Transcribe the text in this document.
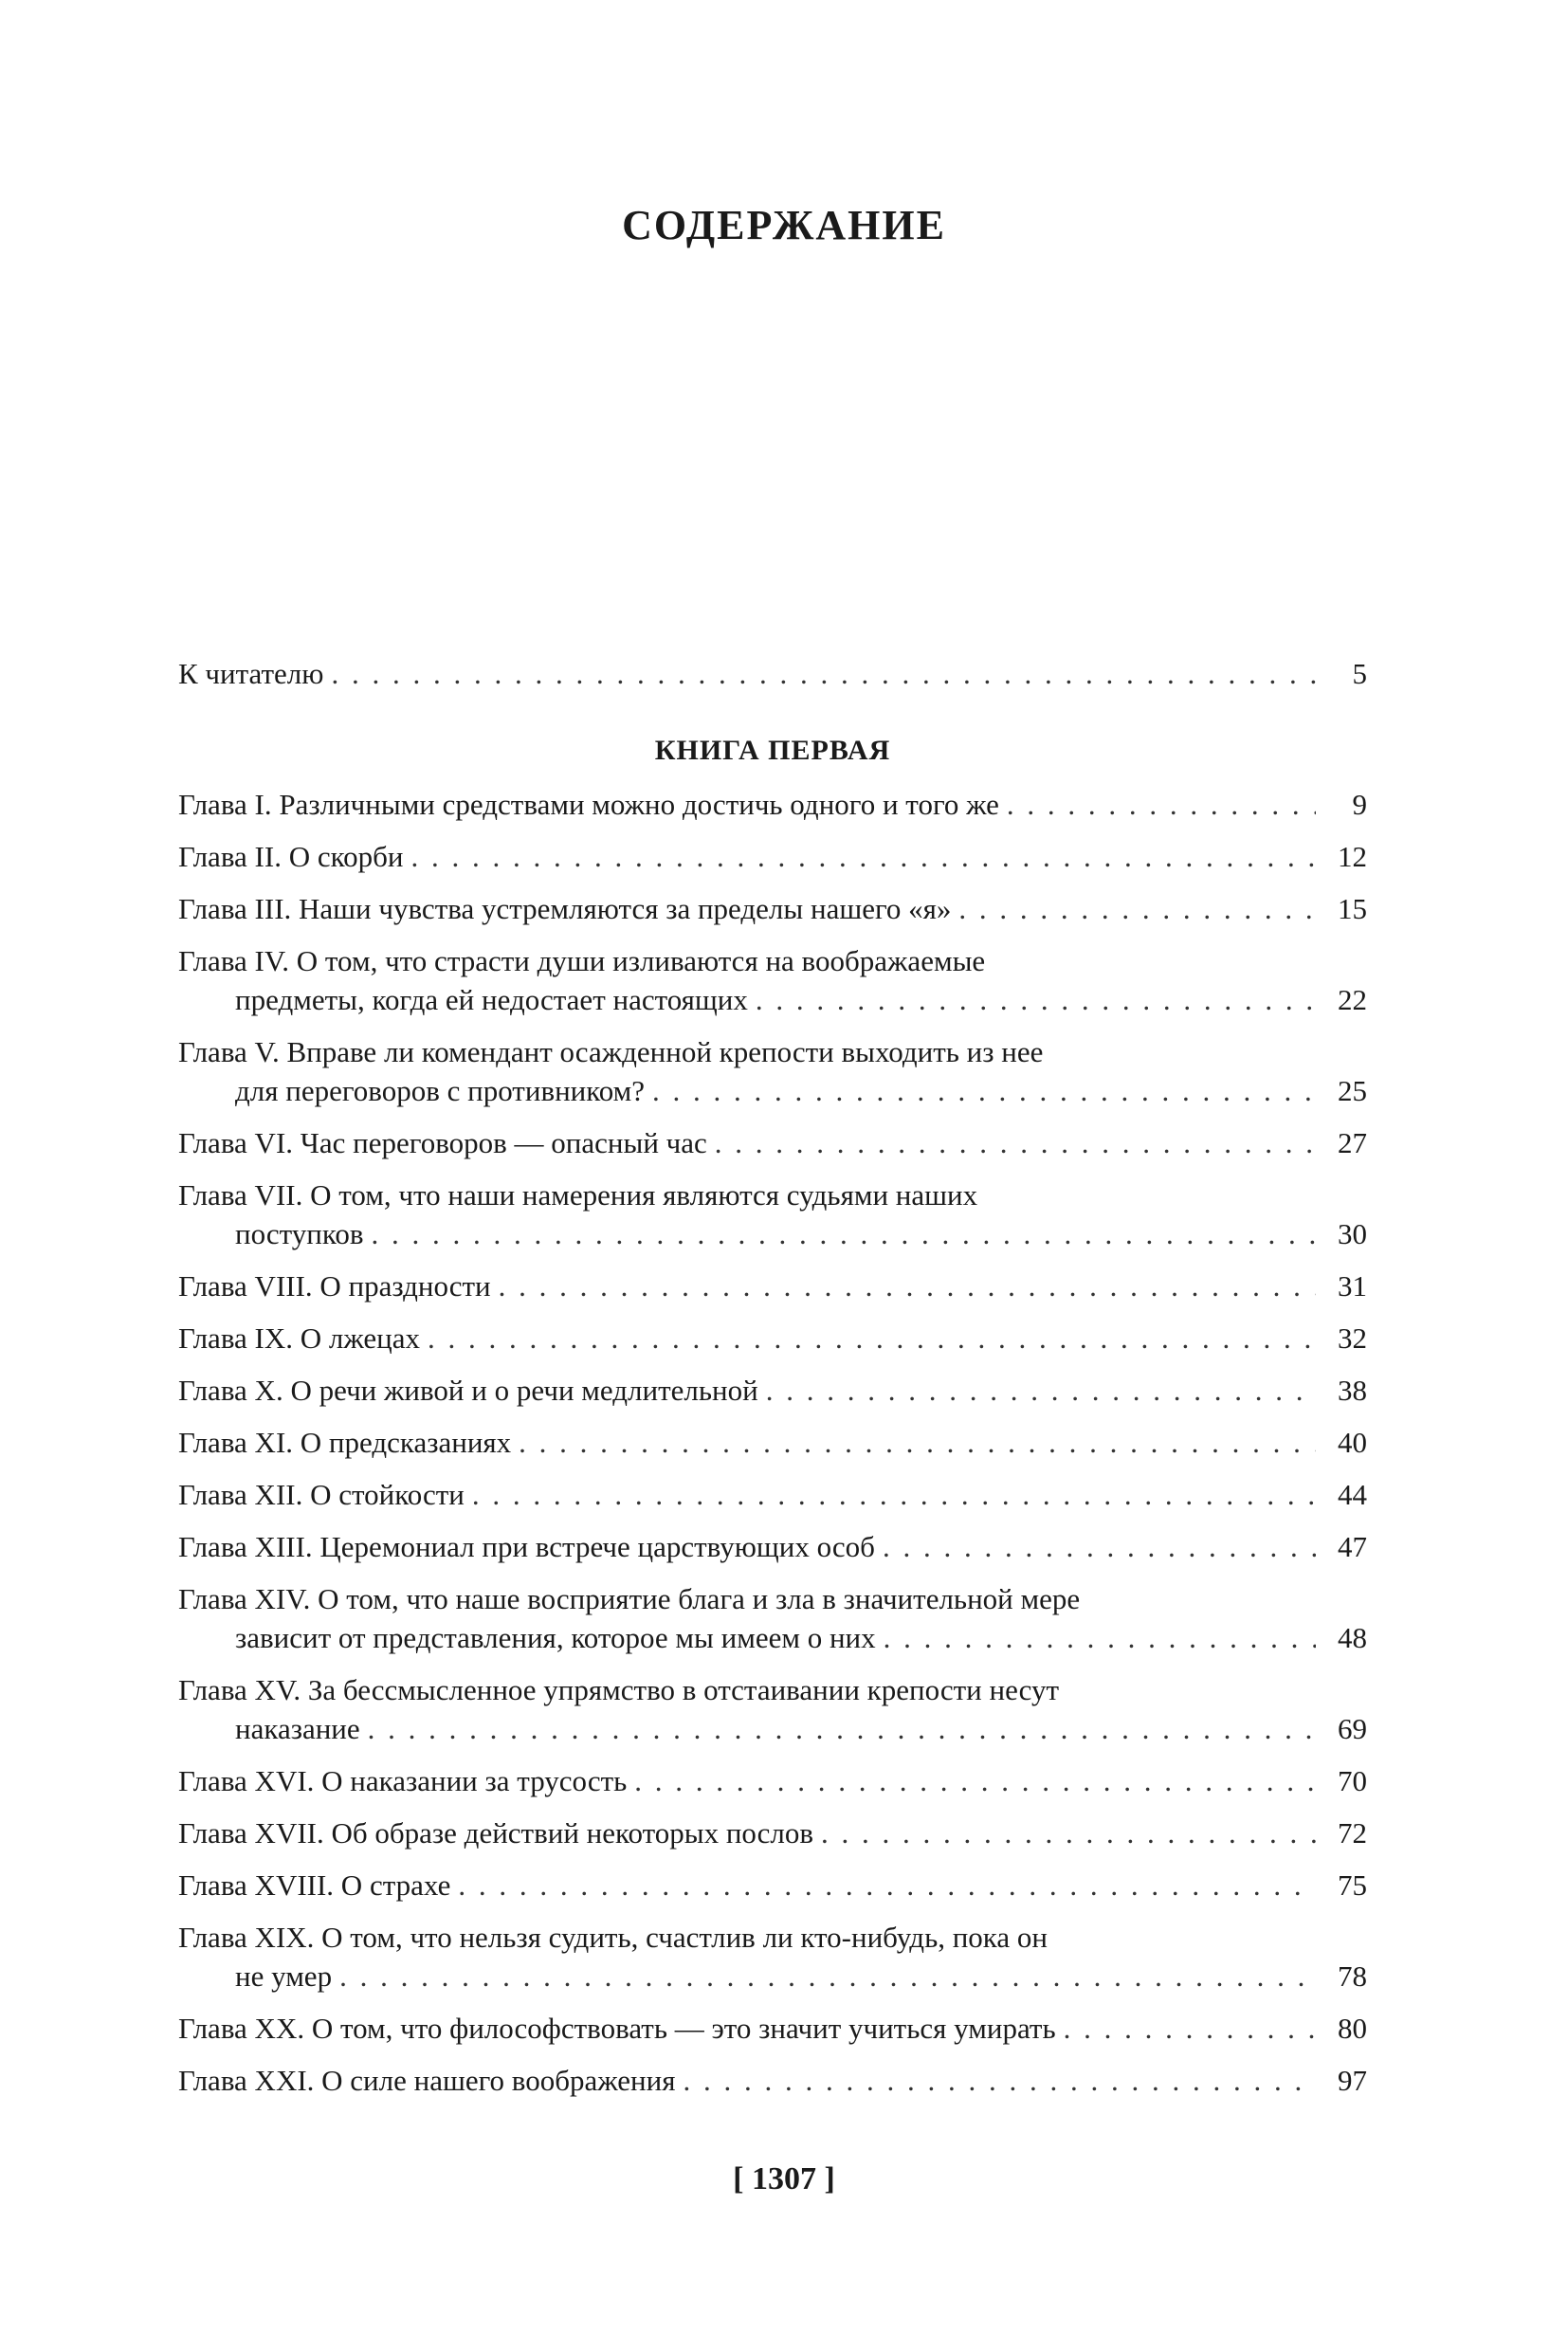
СОДЕРЖАНИЕ
К читателю . . .	5
КНИГА ПЕРВАЯ
Глава I. Различными средствами можно достичь одного и того же . . .	9
Глава II. О скорби . . .	12
Глава III. Наши чувства устремляются за пределы нашего «я» . . .	15
Глава IV. О том, что страсти души изливаются на воображаемые
предметы, когда ей недостает настоящих . . .	22
Глава V. Вправе ли комендант осажденной крепости выходить из нее
для переговоров с противником? . . .	25
Глава VI. Час переговоров — опасный час . . .	27
Глава VII. О том, что наши намерения являются судьями наших
поступков . . .	30
Глава VIII. О праздности . . .	31
Глава IX. О лжецах . . .	32
Глава X. О речи живой и о речи медлительной . . .	38
Глава XI. О предсказаниях . . .	40
Глава XII. О стойкости . . .	44
Глава XIII. Церемониал при встрече царствующих особ . . .	47
Глава XIV. О том, что наше восприятие блага и зла в значительной мере
зависит от представления, которое мы имеем о них . . .	48
Глава XV. За бессмысленное упрямство в отстаивании крепости несут
наказание . . .	69
Глава XVI. О наказании за трусость . . .	70
Глава XVII. Об образе действий некоторых послов . . .	72
Глава XVIII. О страхе . . .	75
Глава XIX. О том, что нельзя судить, счастлив ли кто-нибудь, пока он
не умер . . .	78
Глава XX. О том, что философствовать — это значит учиться умирать . . .	80
Глава XXI. О силе нашего воображения . . .	97
[ 1307 ]
